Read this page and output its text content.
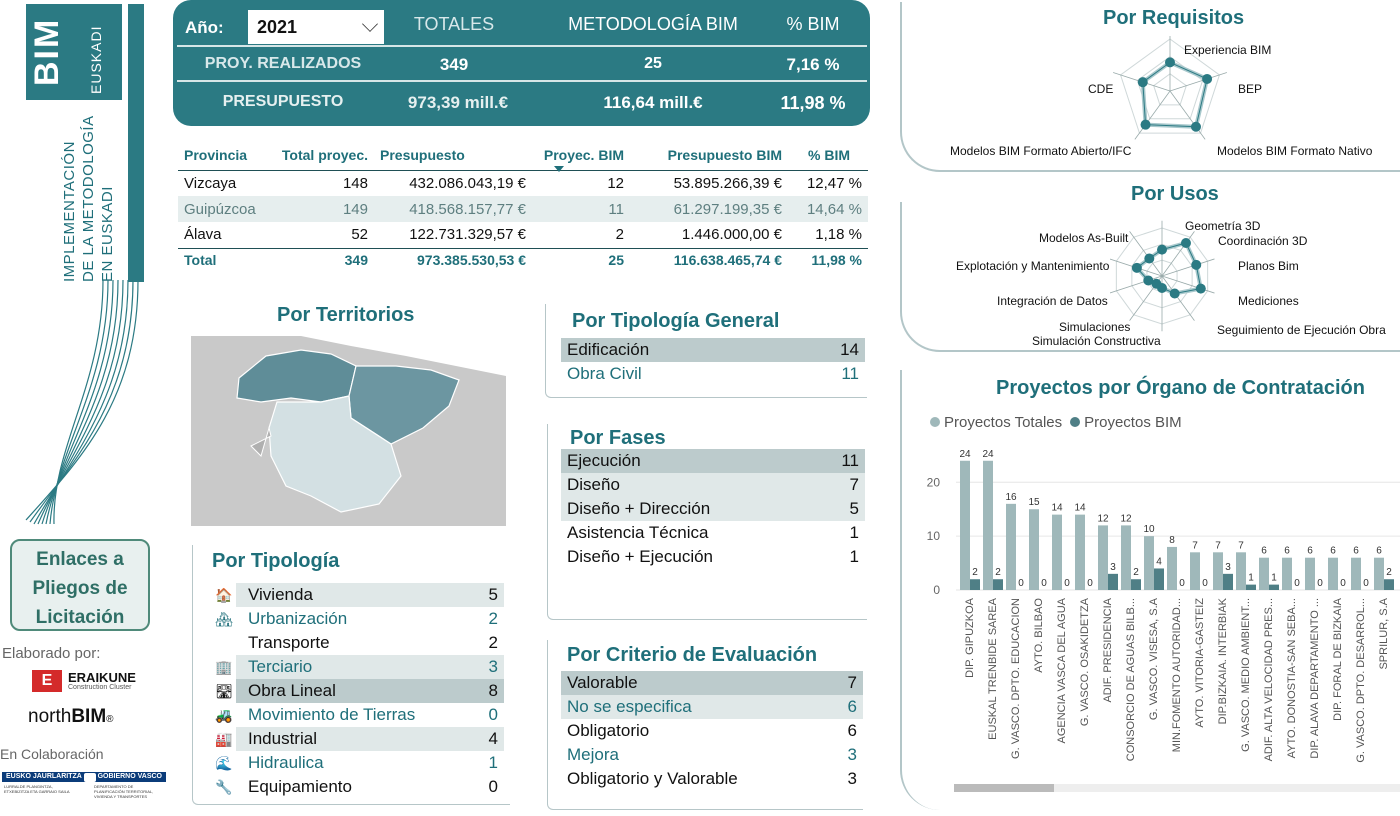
BIM EUSKADI
IMPLEMENTACIÓN DE LA METODOLOGÍA EN EUSKADI
Enlaces a
Pliegos de
Licitación
Elaborado por:
E	ERAIKUNE
Construction Cluster
northBIM®
En Colaboración
EUSKO JAURLARITZA GOBIERNO VASCO
LURRALDE PLANGINTZA, ETXEBIZITZA ETA GARRAIO SAILA
DEPARTAMENTO DE PLANIFICACIÓN TERRITORIAL, VIVIENDA Y TRANSPORTES
Año:	2021	TOTALES	METODOLOGÍA BIM	% BIM
PROY. REALIZADOS	349	25	7,16 %
PRESUPUESTO	973,39 mill.€	116,64 mill.€	11,98 %
Provincia	Total proyec.	Presupuesto	Proyec. BIM	Presupuesto BIM	% BIM
Vizcaya	148	432.086.043,19 €	12	53.895.266,39 €	12,47 %
Guipúzcoa	149	418.568.157,77 €	11	61.297.199,35 €	14,64 %
Álava	52	122.731.329,57 €	2	1.446.000,00 €	1,18 %
Total	349	973.385.530,53 €	25	116.638.465,74 €	11,98 %
Por Territorios	Por Tipología General
Edificación	14
Obra Civil	11
Por Fases
Ejecución	11
Diseño	7
Diseño + Dirección	5
Asistencia Técnica	1
Diseño + Ejecución	1
Por Tipología
🏠 Vivienda	5
🏘 Urbanización	2
Transporte	2
🏢 Terciario	3
🛣 Obra Lineal	8
🚜 Movimiento de Tierras	0
🏭 Industrial	4
🌊 Hidraulica	1
🔧 Equipamiento	0
Por Criterio de Evaluación
Valorable	7
No se especifica	6
Obligatorio	6
Mejora	3
Obligatorio y Valorable	3
Por Requisitos
Experiencia BIM
BEP
Modelos BIM Formato Nativo
Modelos BIM Formato Abierto/IFC
CDE
Por Usos
Geometría 3D
Coordinación 3D
Planos Bim
Mediciones
Seguimiento de Ejecución Obra
Simulación Constructiva
Simulaciones
Integración de Datos
Explotación y Mantenimiento
Modelos As-Built
Proyectos por Órgano de Contratación
Proyectos Totales	Proyectos BIM
0
10
20
24
2
DIP. GIPUZKOA
24
2
EUSKAL TRENBIDE SAREA
16
0
G. VASCO. DPTO. EDUCACION
15
0
AYTO. BILBAO
14
0
AGENCIA VASCA DEL AGUA
14
0
G. VASCO. OSAKIDETZA
12
3
ADIF. PRESIDENCIA
12
2
CONSORCIO DE AGUAS BILB...
10
4
G. VASCO. VISESA, S.A
8
0
MIN.FOMENTO AUTORIDAD...
7
0
AYTO. VITORIA-GASTEIZ
7
3
DIP.BIZKAIA. INTERBIAK
7
1
G. VASCO. MEDIO AMBIENT...
6
1
ADIF. ALTA VELOCIDAD PRES...
6
0
AYTO. DONOSTIA-SAN SEBA...
6
0
DIP. ALAVA DEPARTAMENTO ...
6
0
DIP. FORAL DE BIZKAIA
6
0
G. VASCO. DPTO. DESARROL...
6
2
SPRILUR, S.A
